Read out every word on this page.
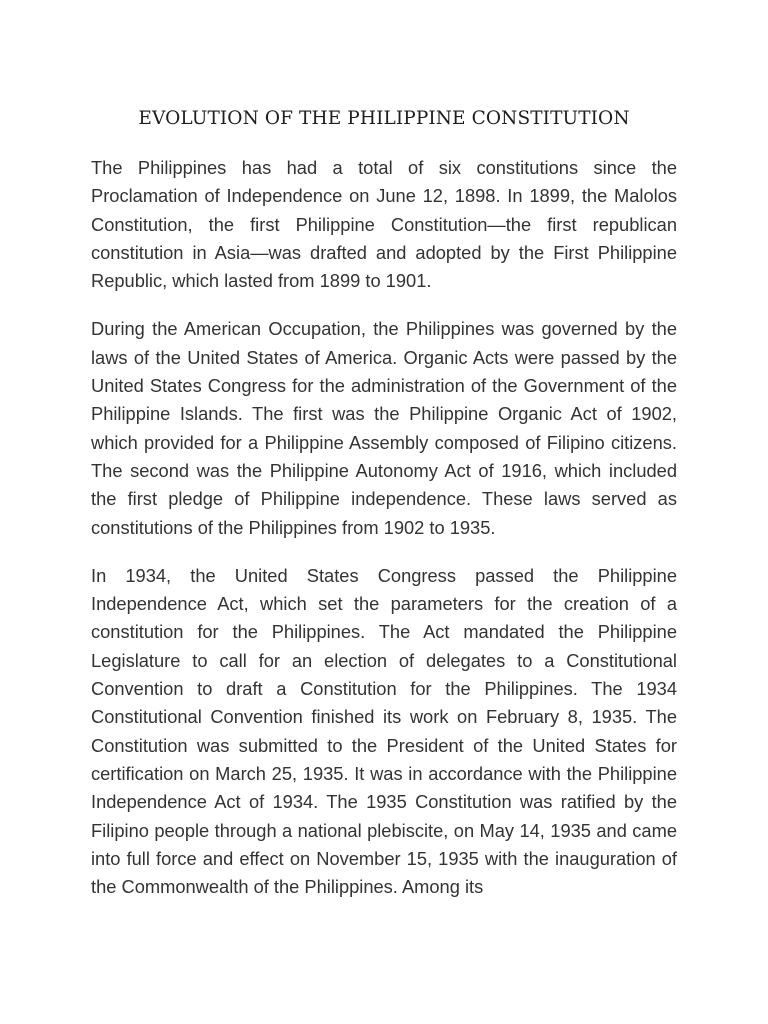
EVOLUTION OF THE PHILIPPINE CONSTITUTION

The Philippines has had a total of six constitutions since the Proclamation of Independence on June 12, 1898. In 1899, the Malolos Constitution, the first Philippine Constitution—the first republican constitution in Asia—was drafted and adopted by the First Philippine Republic, which lasted from 1899 to 1901.

During the American Occupation, the Philippines was governed by the laws of the United States of America. Organic Acts were passed by the United States Congress for the administration of the Government of the Philippine Islands. The first was the Philippine Organic Act of 1902, which provided for a Philippine Assembly composed of Filipino citizens. The second was the Philippine Autonomy Act of 1916, which included the first pledge of Philippine independence. These laws served as constitutions of the Philippines from 1902 to 1935.

In 1934, the United States Congress passed the Philippine Independence Act, which set the parameters for the creation of a constitution for the Philippines. The Act mandated the Philippine Legislature to call for an election of delegates to a Constitutional Convention to draft a Constitution for the Philippines. The 1934 Constitutional Convention finished its work on February 8, 1935. The Constitution was submitted to the President of the United States for certification on March 25, 1935. It was in accordance with the Philippine Independence Act of 1934. The 1935 Constitution was ratified by the Filipino people through a national plebiscite, on May 14, 1935 and came into full force and effect on November 15, 1935 with the inauguration of the Commonwealth of the Philippines. Among its
